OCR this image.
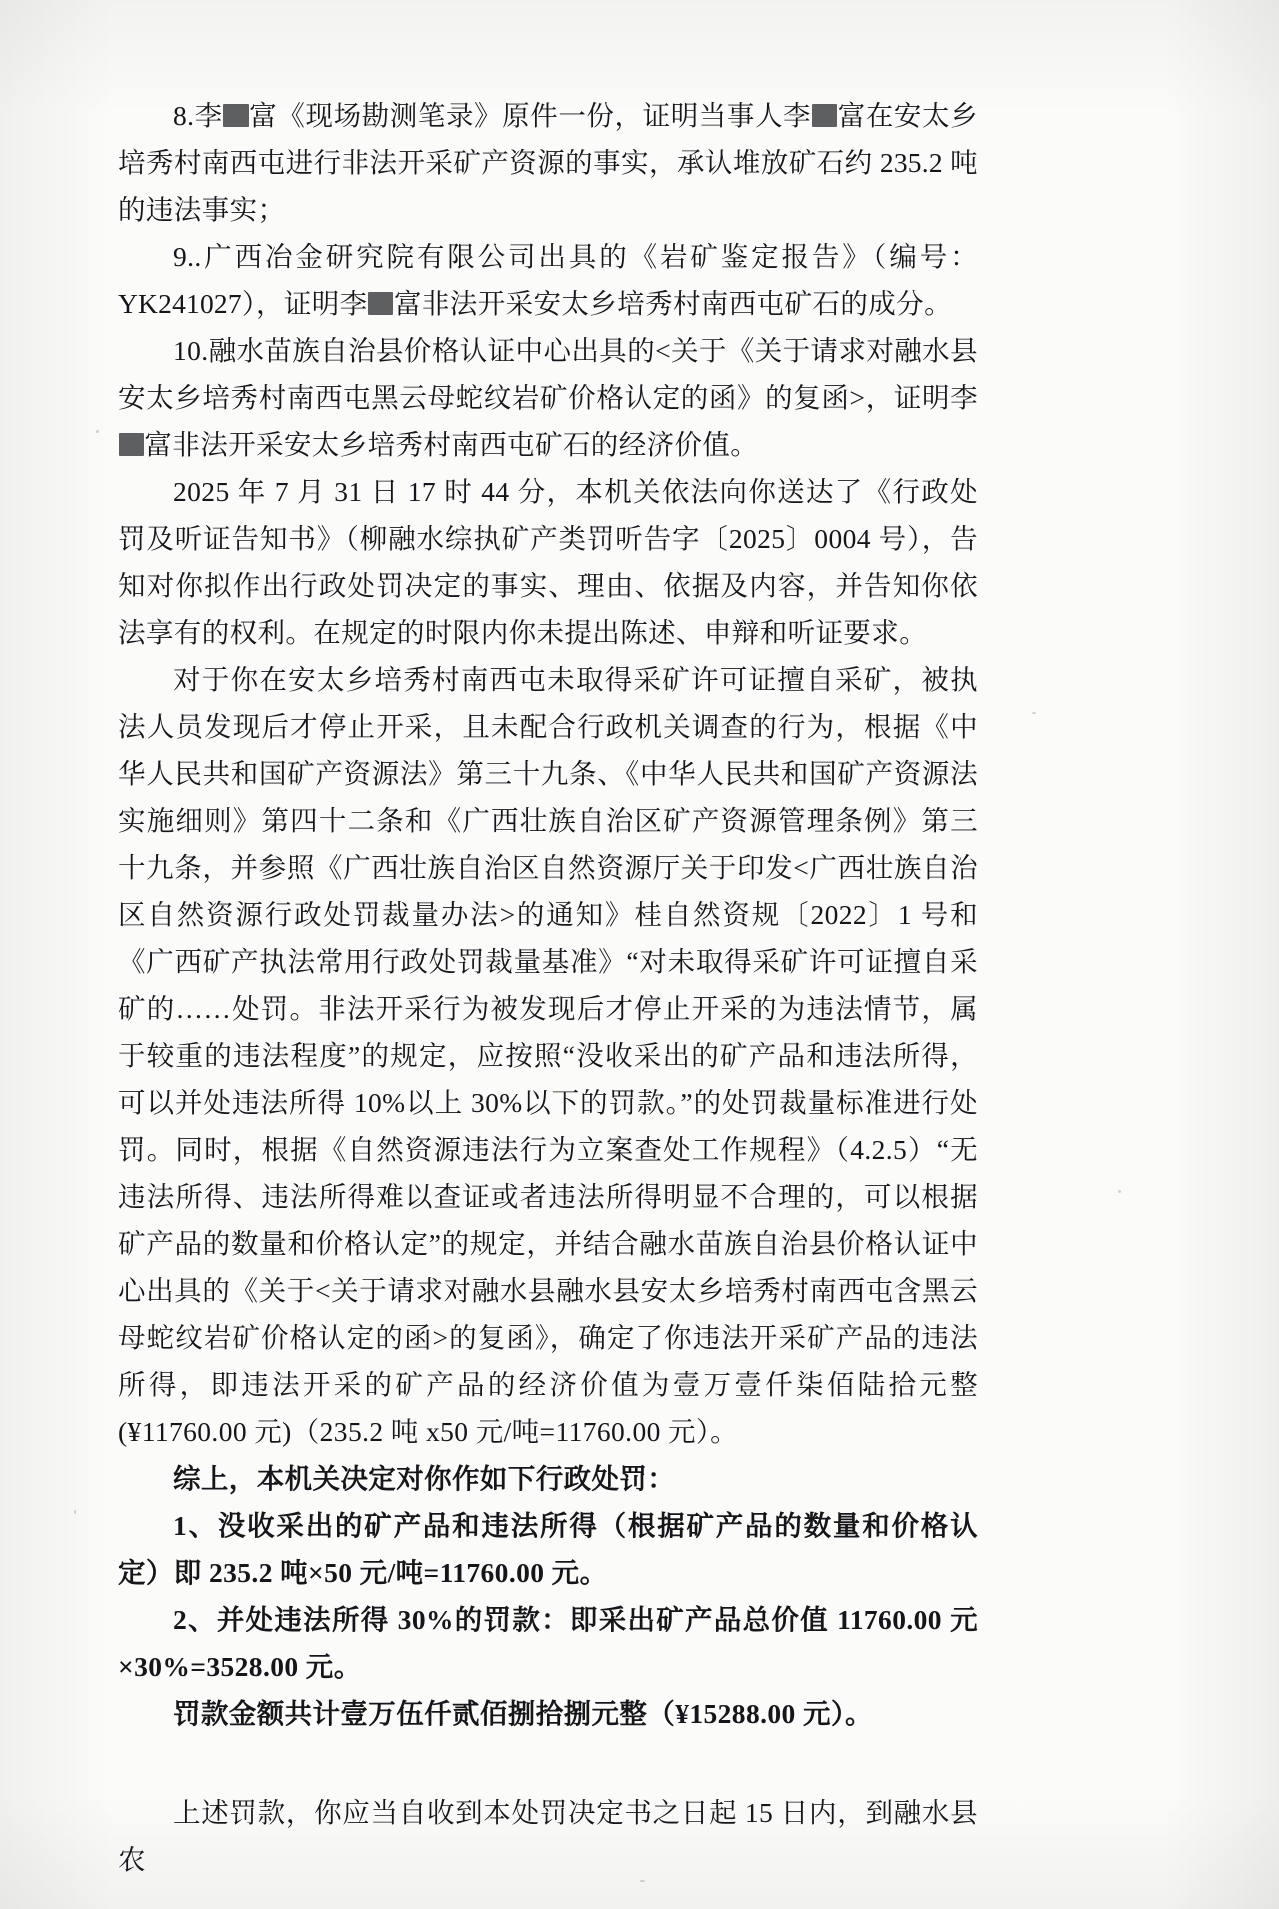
8.李 富《现场勘测笔录》原件一份，证明当事人李 富在安太乡培秀村南西屯进行非法开采矿产资源的事实，承认堆放矿石约 235.2 吨的违法事实；

9..广西冶金研究院有限公司出具的《岩矿鉴定报告》（编号：YK241027），证明李 富非法开采安太乡培秀村南西屯矿石的成分。

10.融水苗族自治县价格认证中心出具的<关于《关于请求对融水县安太乡培秀村南西屯黑云母蛇纹岩矿价格认定的函》的复函>，证明李富非法开采安太乡培秀村南西屯矿石的经济价值。

2025 年 7 月 31 日 17 时 44 分，本机关依法向你送达了《行政处罚及听证告知书》（柳融水综执矿产类罚听告字〔2025〕0004 号），告知对你拟作出行政处罚决定的事实、理由、依据及内容，并告知你依法享有的权利。在规定的时限内你未提出陈述、申辩和听证要求。

对于你在安太乡培秀村南西屯未取得采矿许可证擅自采矿，被执法人员发现后才停止开采，且未配合行政机关调查的行为，根据《中华人民共和国矿产资源法》第三十九条、《中华人民共和国矿产资源法实施细则》第四十二条和《广西壮族自治区矿产资源管理条例》第三十九条，并参照《广西壮族自治区自然资源厅关于印发<广西壮族自治区自然资源行政处罚裁量办法>的通知》桂自然资规〔2022〕1 号和《广西矿产执法常用行政处罚裁量基准》“对未取得采矿许可证擅自采矿的……处罚。非法开采行为被发现后才停止开采的为违法情节，属于较重的违法程度”的规定，应按照“没收采出的矿产品和违法所得，可以并处违法所得 10%以上 30%以下的罚款。”的处罚裁量标准进行处罚。同时，根据《自然资源违法行为立案查处工作规程》（4.2.5）“无违法所得、违法所得难以查证或者违法所得明显不合理的，可以根据矿产品的数量和价格认定”的规定，并结合融水苗族自治县价格认证中心出具的《关于<关于请求对融水县融水县安太乡培秀村南西屯含黑云母蛇纹岩矿价格认定的函>的复函》，确定了你违法开采矿产品的违法所得，即违法开采的矿产品的经济价值为壹万壹仟柒佰陆拾元整(¥11760.00 元)（235.2 吨 x50 元/吨=11760.00 元）。

综上，本机关决定对你作如下行政处罚：

1、没收采出的矿产品和违法所得（根据矿产品的数量和价格认定）即 235.2 吨×50 元/吨=11760.00 元。

2、并处违法所得 30%的罚款：即采出矿产品总价值 11760.00 元×30%=3528.00 元。

罚款金额共计壹万伍仟贰佰捌拾捌元整（¥15288.00 元）。

上述罚款，你应当自收到本处罚决定书之日起 15 日内，到融水县农
